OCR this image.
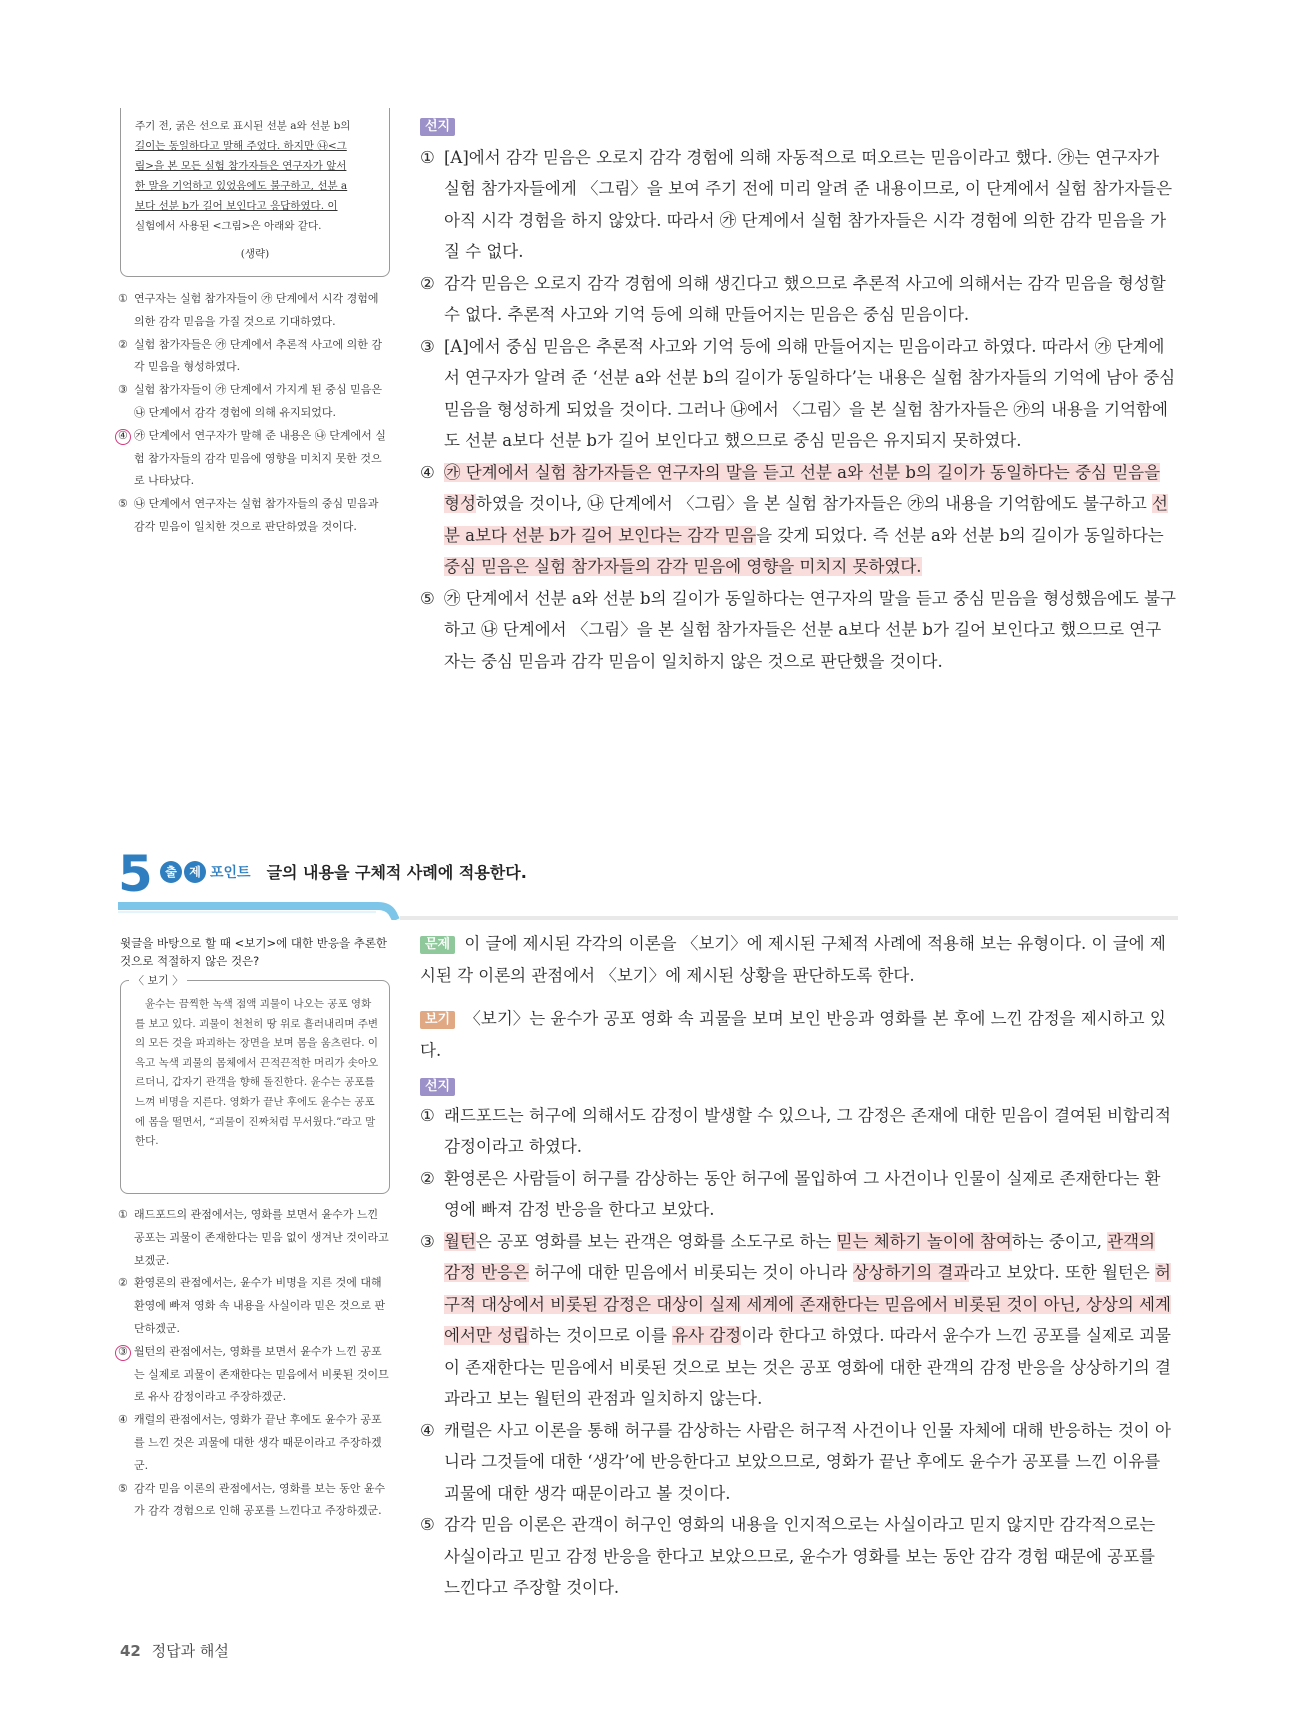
주기 전, 굵은 선으로 표시된 선분 a와 선분 b의
길이는 동일하다고 말해 주었다. 하지만 ㉯<그
림>을 본 모든 실험 참가자들은 연구자가 앞서
한 말을 기억하고 있었음에도 불구하고, 선분 a
보다 선분 b가 길어 보인다고 응답하였다. 이
실험에서 사용된 <그림>은 아래와 같다.
(생략)
① 연구자는 실험 참가자들이 ㉮ 단계에서 시각 경험에 의한 감각 믿음을 가질 것으로 기대하였다.
② 실험 참가자들은 ㉮ 단계에서 추론적 사고에 의한 감각 믿음을 형성하였다.
③ 실험 참가자들이 ㉮ 단계에서 가지게 된 중심 믿음은 ㉯ 단계에서 감각 경험에 의해 유지되었다.
④ ㉮ 단계에서 연구자가 말해 준 내용은 ㉯ 단계에서 실험 참가자들의 감각 믿음에 영향을 미치지 못한 것으로 나타났다.
⑤ ㉯ 단계에서 연구자는 실험 참가자들의 중심 믿음과 감각 믿음이 일치한 것으로 판단하였을 것이다.
선지
① [A]에서 감각 믿음은 오로지 감각 경험에 의해 자동적으로 떠오르는 믿음이라고 했다. ㉮는 연구자가 실험 참가자들에게 〈그림〉을 보여 주기 전에 미리 알려 준 내용이므로, 이 단계에서 실험 참가자들은 아직 시각 경험을 하지 않았다. 따라서 ㉮ 단계에서 실험 참가자들은 시각 경험에 의한 감각 믿음을 가질 수 없다.
② 감각 믿음은 오로지 감각 경험에 의해 생긴다고 했으므로 추론적 사고에 의해서는 감각 믿음을 형성할 수 없다. 추론적 사고와 기억 등에 의해 만들어지는 믿음은 중심 믿음이다.
③ [A]에서 중심 믿음은 추론적 사고와 기억 등에 의해 만들어지는 믿음이라고 하였다. 따라서 ㉮ 단계에서 연구자가 알려 준 ‘선분 a와 선분 b의 길이가 동일하다’는 내용은 실험 참가자들의 기억에 남아 중심 믿음을 형성하게 되었을 것이다. 그러나 ㉯에서 〈그림〉을 본 실험 참가자들은 ㉮의 내용을 기억함에도 선분 a보다 선분 b가 길어 보인다고 했으므로 중심 믿음은 유지되지 못하였다.
④ ㉮ 단계에서 실험 참가자들은 연구자의 말을 듣고 선분 a와 선분 b의 길이가 동일하다는 중심 믿음을 형성하였을 것이나, ㉯ 단계에서 〈그림〉을 본 실험 참가자들은 ㉮의 내용을 기억함에도 불구하고 선분 a보다 선분 b가 길어 보인다는 감각 믿음을 갖게 되었다. 즉 선분 a와 선분 b의 길이가 동일하다는 중심 믿음은 실험 참가자들의 감각 믿음에 영향을 미치지 못하였다.
⑤ ㉮ 단계에서 선분 a와 선분 b의 길이가 동일하다는 연구자의 말을 듣고 중심 믿음을 형성했음에도 불구하고 ㉯ 단계에서 〈그림〉을 본 실험 참가자들은 선분 a보다 선분 b가 길어 보인다고 했으므로 연구자는 중심 믿음과 감각 믿음이 일치하지 않은 것으로 판단했을 것이다.
5	출	제 포인트 글의 내용을 구체적 사례에 적용한다.
윗글을 바탕으로 할 때 <보기>에 대한 반응을 추론한 것으로 적절하지 않은 것은?
〈 보기 〉
윤수는 끔찍한 녹색 점액 괴물이 나오는 공포 영화를 보고 있다. 괴물이 천천히 땅 위로 흘러내리며 주변의 모든 것을 파괴하는 장면을 보며 몸을 움츠린다. 이윽고 녹색 괴물의 몸체에서 끈적끈적한 머리가 솟아오르더니, 갑자기 관객을 향해 돌진한다. 윤수는 공포를 느껴 비명을 지른다. 영화가 끝난 후에도 윤수는 공포에 몸을 떨면서, “괴물이 진짜처럼 무서웠다.”라고 말한다.
① 래드포드의 관점에서는, 영화를 보면서 윤수가 느낀 공포는 괴물이 존재한다는 믿음 없이 생겨난 것이라고 보겠군.
② 환영론의 관점에서는, 윤수가 비명을 지른 것에 대해 환영에 빠져 영화 속 내용을 사실이라 믿은 것으로 판단하겠군.
③ 월턴의 관점에서는, 영화를 보면서 윤수가 느낀 공포는 실제로 괴물이 존재한다는 믿음에서 비롯된 것이므로 유사 감정이라고 주장하겠군.
④ 캐럴의 관점에서는, 영화가 끝난 후에도 윤수가 공포를 느낀 것은 괴물에 대한 생각 때문이라고 주장하겠군.
⑤ 감각 믿음 이론의 관점에서는, 영화를 보는 동안 윤수가 감각 경험으로 인해 공포를 느낀다고 주장하겠군.
문제 이 글에 제시된 각각의 이론을 〈보기〉에 제시된 구체적 사례에 적용해 보는 유형이다. 이 글에 제시된 각 이론의 관점에서 〈보기〉에 제시된 상황을 판단하도록 한다.
보기 〈보기〉는 윤수가 공포 영화 속 괴물을 보며 보인 반응과 영화를 본 후에 느낀 감정을 제시하고 있다.
선지
① 래드포드는 허구에 의해서도 감정이 발생할 수 있으나, 그 감정은 존재에 대한 믿음이 결여된 비합리적 감정이라고 하였다.
② 환영론은 사람들이 허구를 감상하는 동안 허구에 몰입하여 그 사건이나 인물이 실제로 존재한다는 환영에 빠져 감정 반응을 한다고 보았다.
③ 월턴은 공포 영화를 보는 관객은 영화를 소도구로 하는 믿는 체하기 놀이에 참여하는 중이고, 관객의 감정 반응은 허구에 대한 믿음에서 비롯되는 것이 아니라 상상하기의 결과라고 보았다. 또한 월턴은 허구적 대상에서 비롯된 감정은 대상이 실제 세계에 존재한다는 믿음에서 비롯된 것이 아닌, 상상의 세계에서만 성립하는 것이므로 이를 유사 감정이라 한다고 하였다. 따라서 윤수가 느낀 공포를 실제로 괴물이 존재한다는 믿음에서 비롯된 것으로 보는 것은 공포 영화에 대한 관객의 감정 반응을 상상하기의 결과라고 보는 월턴의 관점과 일치하지 않는다.
④ 캐럴은 사고 이론을 통해 허구를 감상하는 사람은 허구적 사건이나 인물 자체에 대해 반응하는 것이 아니라 그것들에 대한 ‘생각’에 반응한다고 보았으므로, 영화가 끝난 후에도 윤수가 공포를 느낀 이유를 괴물에 대한 생각 때문이라고 볼 것이다.
⑤ 감각 믿음 이론은 관객이 허구인 영화의 내용을 인지적으로는 사실이라고 믿지 않지만 감각적으로는 사실이라고 믿고 감정 반응을 한다고 보았으므로, 윤수가 영화를 보는 동안 감각 경험 때문에 공포를 느낀다고 주장할 것이다.
42 정답과 해설
